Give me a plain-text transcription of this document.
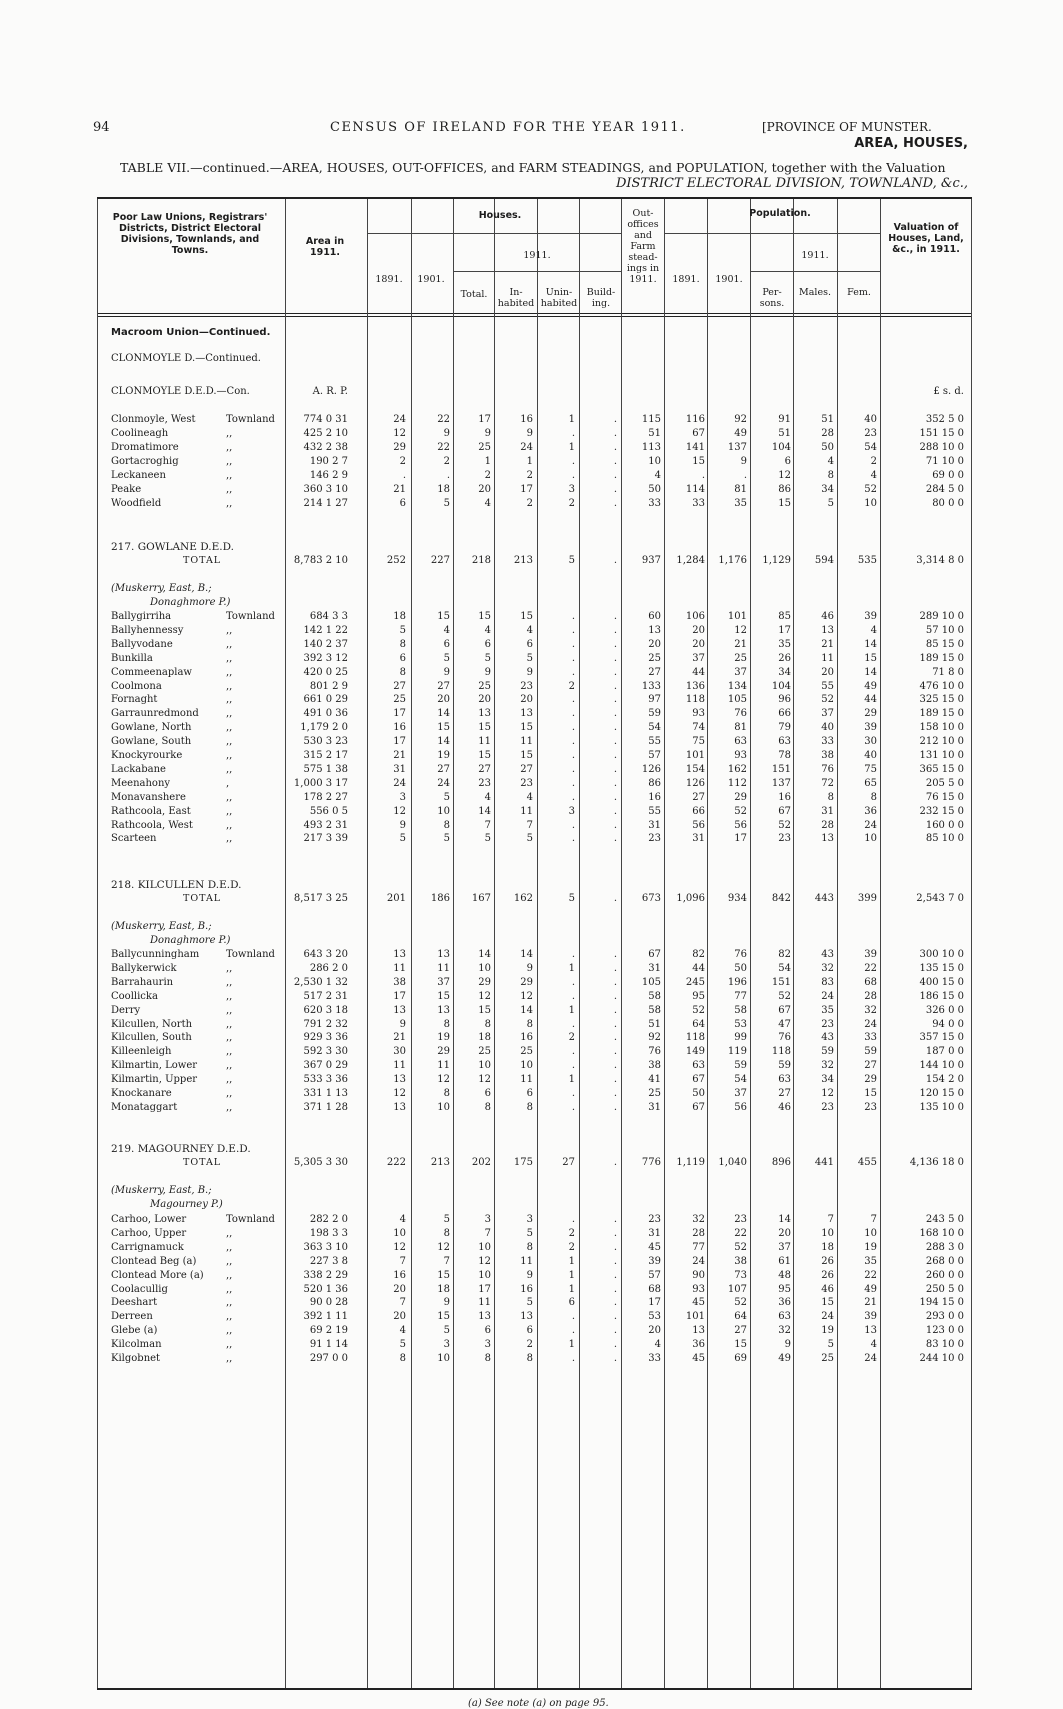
94	CENSUS OF IRELAND FOR THE YEAR 1911.	[PROVINCE OF MUNSTER.
AREA, HOUSES,
TABLE VII.—continued.—AREA, HOUSES, OUT-OFFICES, and FARM STEADINGS, and POPULATION, together with the Valuation
DISTRICT ELECTORAL DIVISION, TOWNLAND, &c.,
Poor Law Unions, Registrars' Districts, District Electoral Divisions, Townlands, and Towns.
Area in 1911.
Houses.
1911.
1891.	1901.
Total.	In- habited
Unin- habited
Build- ing.
Out- offices and Farm stead- ings in 1911.
Population.
1911.
1891.	1901.
Per- sons.
Males.	Fem.
Valuation of Houses, Land, &c., in 1911.
Macroom Union—Continued.
CLONMOYLE D.—Continued.
CLONMOYLE D.E.D.—Con.	A. R. P.	£ s. d.
Clonmoyle, West	Townland	774 0 31	24	22	17	16	1	.	115	116	92	91	51	40	352 5 0
Coolineagh	,,	425 2 10	12	9	9	9	.	.	51	67	49	51	28	23	151 15 0
Dromatimore	,,	432 2 38	29	22	25	24	1	.	113	141	137	104	50	54	288 10 0
Gortacroghig	,,	190 2 7	2	2	1	1	.	.	10	15	9	6	4	2	71 10 0
Leckaneen	,,	146 2 9	.	.	2	2	.	.	4	.	.	12	8	4	69 0 0
Peake	,,	360 3 10	21	18	20	17	3	.	50	114	81	86	34	52	284 5 0
Woodfield	,,	214 1 27	6	5	4	2	2	.	33	33	35	15	5	10	80 0 0
217. GOWLANE D.E.D.
TOTAL	8,783 2 10	252	227	218	213	5	.	937	1,284	1,176	1,129	594	535	3,314 8 0
(Muskerry, East, B.;
Donaghmore P.)
Ballygirriha	Townland	684 3 3	18	15	15	15	.	.	60	106	101	85	46	39	289 10 0
Ballyhennessy	,,	142 1 22	5	4	4	4	.	.	13	20	12	17	13	4	57 10 0
Ballyvodane	,,	140 2 37	8	6	6	6	.	.	20	20	21	35	21	14	85 15 0
Bunkilla	,,	392 3 12	6	5	5	5	.	.	25	37	25	26	11	15	189 15 0
Commeenaplaw	,,	420 0 25	8	9	9	9	.	.	27	44	37	34	20	14	71 8 0
Coolmona	,,	801 2 9	27	27	25	23	2	.	133	136	134	104	55	49	476 10 0
Fornaght	,,	661 0 29	25	20	20	20	.	.	97	118	105	96	52	44	325 15 0
Garraunredmond	,,	491 0 36	17	14	13	13	.	.	59	93	76	66	37	29	189 15 0
Gowlane, North	,,	1,179 2 0	16	15	15	15	.	.	54	74	81	79	40	39	158 10 0
Gowlane, South	,,	530 3 23	17	14	11	11	.	.	55	75	63	63	33	30	212 10 0
Knockyrourke	,,	315 2 17	21	19	15	15	.	.	57	101	93	78	38	40	131 10 0
Lackabane	,,	575 1 38	31	27	27	27	.	.	126	154	162	151	76	75	365 15 0
Meenahony	,	1,000 3 17	24	24	23	23	.	.	86	126	112	137	72	65	205 5 0
Monavanshere	,,	178 2 27	3	5	4	4	.	.	16	27	29	16	8	8	76 15 0
Rathcoola, East	,,	556 0 5	12	10	14	11	3	.	55	66	52	67	31	36	232 15 0
Rathcoola, West	,,	493 2 31	9	8	7	7	.	.	31	56	56	52	28	24	160 0 0
Scarteen	,,	217 3 39	5	5	5	5	.	.	23	31	17	23	13	10	85 10 0
218. KILCULLEN D.E.D.
TOTAL	8,517 3 25	201	186	167	162	5	.	673	1,096	934	842	443	399	2,543 7 0
(Muskerry, East, B.;
Donaghmore P.)
Ballycunningham	Townland	643 3 20	13	13	14	14	.	.	67	82	76	82	43	39	300 10 0
Ballykerwick	,,	286 2 0	11	11	10	9	1	.	31	44	50	54	32	22	135 15 0
Barrahaurin	,,	2,530 1 32	38	37	29	29	.	.	105	245	196	151	83	68	400 15 0
Coollicka	,,	517 2 31	17	15	12	12	.	.	58	95	77	52	24	28	186 15 0
Derry	,,	620 3 18	13	13	15	14	1	.	58	52	58	67	35	32	326 0 0
Kilcullen, North	,,	791 2 32	9	8	8	8	.	.	51	64	53	47	23	24	94 0 0
Kilcullen, South	,,	929 3 36	21	19	18	16	2	.	92	118	99	76	43	33	357 15 0
Killeenleigh	,,	592 3 30	30	29	25	25	.	.	76	149	119	118	59	59	187 0 0
Kilmartin, Lower	,,	367 0 29	11	11	10	10	.	.	38	63	59	59	32	27	144 10 0
Kilmartin, Upper	,,	533 3 36	13	12	12	11	1	.	41	67	54	63	34	29	154 2 0
Knockanare	,,	331 1 13	12	8	6	6	.	.	25	50	37	27	12	15	120 15 0
Monataggart	,,	371 1 28	13	10	8	8	.	.	31	67	56	46	23	23	135 10 0
219. MAGOURNEY D.E.D.
TOTAL	5,305 3 30	222	213	202	175	27	.	776	1,119	1,040	896	441	455	4,136 18 0
(Muskerry, East, B.;
Magourney P.)
Carhoo, Lower	Townland	282 2 0	4	5	3	3	.	.	23	32	23	14	7	7	243 5 0
Carhoo, Upper	,,	198 3 3	10	8	7	5	2	.	31	28	22	20	10	10	168 10 0
Carrignamuck	,,	363 3 10	12	12	10	8	2	.	45	77	52	37	18	19	288 3 0
Clontead Beg (a)	,,	227 3 8	7	7	12	11	1	.	39	24	38	61	26	35	268 0 0
Clontead More (a) ,,	338 2 29	16	15	10	9	1	.	57	90	73	48	26	22	260 0 0
Coolacullig	,,	520 1 36	20	18	17	16	1	.	68	93	107	95	46	49	250 5 0
Deeshart	,,	90 0 28	7	9	11	5	6	.	17	45	52	36	15	21	194 15 0
Derreen	,,	392 1 11	20	15	13	13	.	.	53	101	64	63	24	39	293 0 0
Glebe (a)	,,	69 2 19	4	5	6	6	.	.	20	13	27	32	19	13	123 0 0
Kilcolman	,,	91 1 14	5	3	3	2	1	.	4	36	15	9	5	4	83 10 0
Kilgobnet	,,	297 0 0	8	10	8	8	.	.	33	45	69	49	25	24	244 10 0
(a) See note (a) on page 95.
